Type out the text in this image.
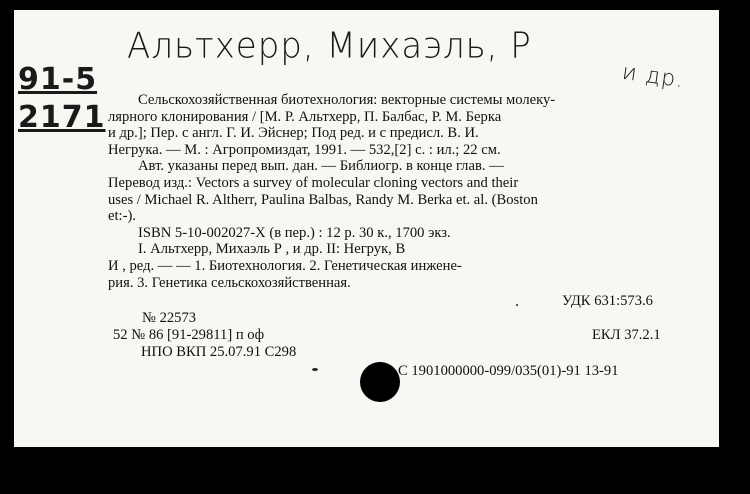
Альтхерр, Михаэль, Р
91-5
2171
и др.
Сельскохозяйственная биотехнология: векторные системы молеку-
лярного клонирования / [М. Р. Альтхерр, П. Балбас, Р. М. Берка
и др.]; Пер. с англ. Г. И. Эйснер; Под ред. и с предисл. В. И.
Негрука. — М. : Агропромиздат, 1991. — 532,[2] с. : ил.; 22 см.
Авт. указаны перед вып. дан. — Библиогр. в конце глав. —
Перевод изд.: Vectors a survey of molecular cloning vectors and their
uses / Michael R. Altherr, Paulina Balbas, Randy M. Berka et. al. (Boston
et:-).
ISBN 5-10-002027-X (в пер.) : 12 р. 30 к., 1700 экз.
I. Альтхерр, Михаэль Р , и др. II: Негрук, В
И , ред. — — 1. Биотехнология. 2. Генетическая инжене-
рия. 3. Генетика сельскохозяйственная.
УДК 631:573.6
№ 22573
52 № 86 [91-29811] п оф	ЕКЛ 37.2.1
НПО ВКП 25.07.91 С298
С 1901000000-099/035(01)-91 13-91
